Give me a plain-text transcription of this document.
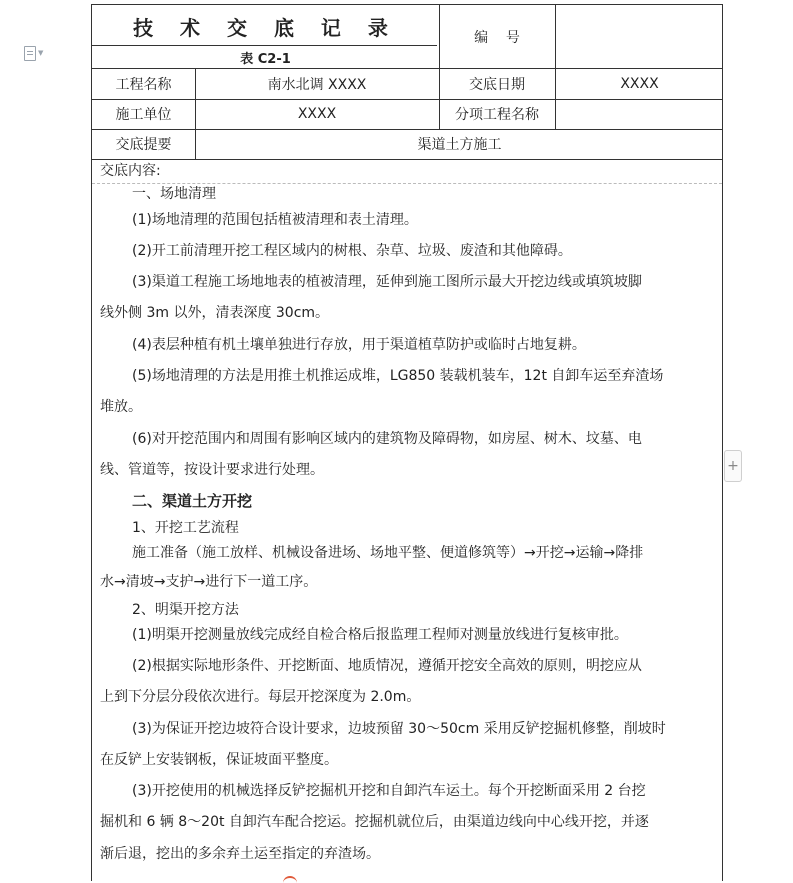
▼
技 术 交 底 记 录
表 C2-1
编    号
工程名称	南水北调 XXXX	交底日期	XXXX
施工单位	XXXX	分项工程名称
交底提要	渠道土方施工
交底内容:
一、场地清理
(1)场地清理的范围包括植被清理和表土清理。
(2)开工前清理开挖工程区域内的树根、杂草、垃圾、废渣和其他障碍。
(3)渠道工程施工场地地表的植被清理，延伸到施工图所示最大开挖边线或填筑坡脚
线外侧 3m 以外，清表深度 30cm。
(4)表层种植有机土壤单独进行存放，用于渠道植草防护或临时占地复耕。
(5)场地清理的方法是用推土机推运成堆，LG850 装载机装车，12t 自卸车运至弃渣场
堆放。
(6)对开挖范围内和周围有影响区域内的建筑物及障碍物，如房屋、树木、坟墓、电
线、管道等，按设计要求进行处理。
二、渠道土方开挖
1、开挖工艺流程
施工准备（施工放样、机械设备进场、场地平整、便道修筑等）→开挖→运输→降排
水→清坡→支护→进行下一道工序。
2、明渠开挖方法
(1)明渠开挖测量放线完成经自检合格后报监理工程师对测量放线进行复核审批。
(2)根据实际地形条件、开挖断面、地质情况，遵循开挖安全高效的原则，明挖应从
上到下分层分段依次进行。每层开挖深度为 2.0m。
(3)为保证开挖边坡符合设计要求，边坡预留 30～50cm 采用反铲挖掘机修整，削坡时
在反铲上安装钢板，保证坡面平整度。
(3)开挖使用的机械选择反铲挖掘机开挖和自卸汽车运土。每个开挖断面采用 2 台挖
掘机和 6 辆 8～20t 自卸汽车配合挖运。挖掘机就位后，由渠道边线向中心线开挖，并逐
渐后退，挖出的多余弃土运至指定的弃渣场。
+
